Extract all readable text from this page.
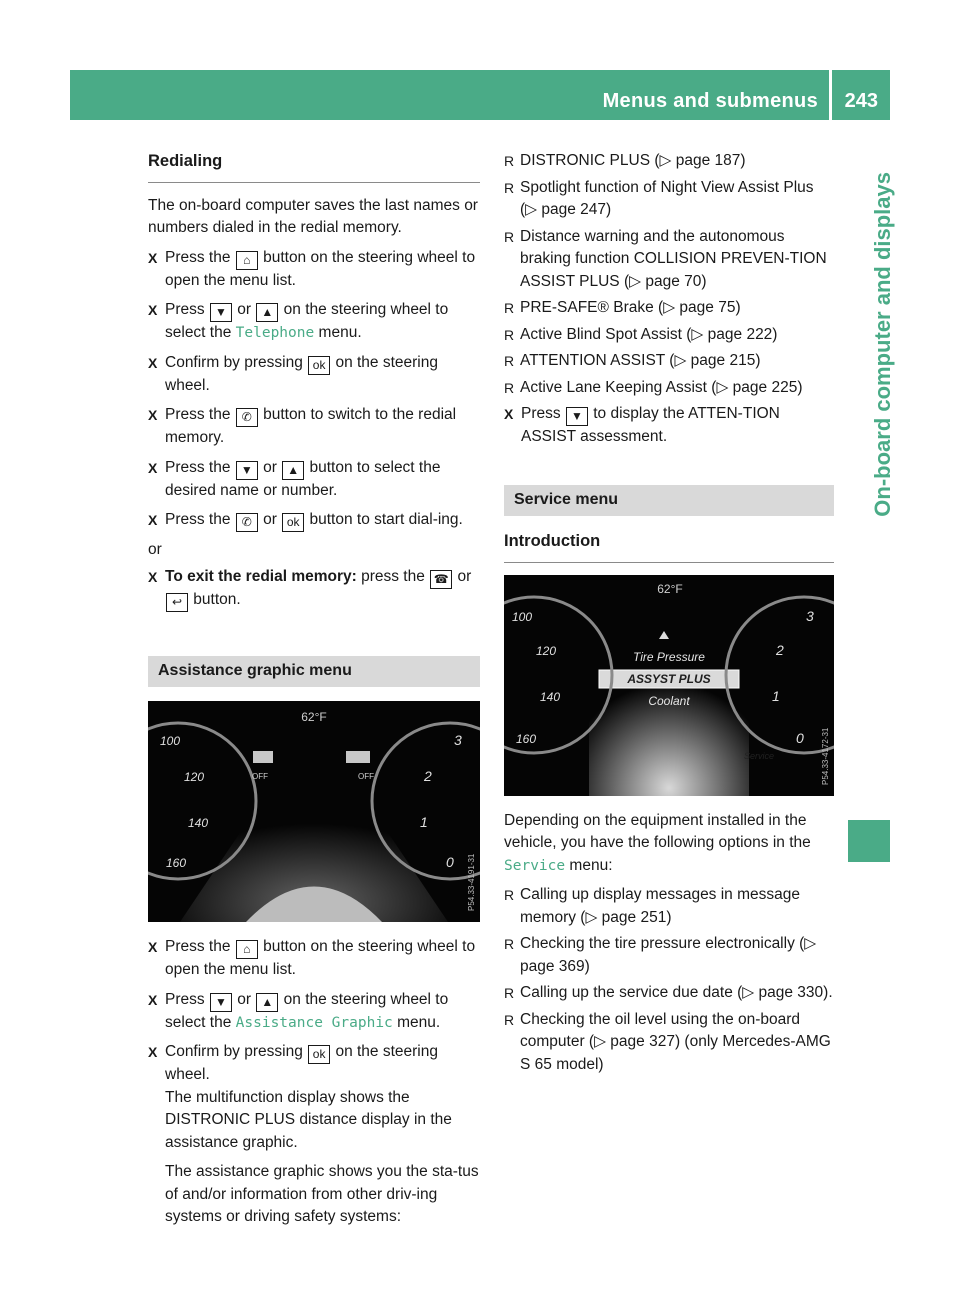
Menus and submenus 243
On-board computer and displays
Redialing

The on-board computer saves the last names or numbers dialed in the redial memory.

X Press the ⌂ button on the steering wheel to open the menu list.
X Press ▼ or ▲ on the steering wheel to select the Telephone menu.
X Confirm by pressing ok on the steering wheel.
X Press the ✆ button to switch to the redial memory.
X Press the ▼ or ▲ button to select the desired name or number.
X Press the ✆ or ok button to start dial-ing.

or

X To exit the redial memory: press the ☎ or ↩ button.
Assistance graphic menu
62°F
OFF	OFF
100
120
140
160
3
2
1
0 P54.33-4191-31
X Press the ⌂ button on the steering wheel to open the menu list.
X Press ▼ or ▲ on the steering wheel to select the Assistance Graphic menu.
X Confirm by pressing ok on the steering wheel.
The multifunction display shows the DISTRONIC PLUS distance display in the assistance graphic.

The assistance graphic shows you the sta-tus of and/or information from other driv-ing systems or driving safety systems:

R DISTRONIC PLUS (▷ page 187)
R Spotlight function of Night View Assist Plus (▷ page 247)
R Distance warning and the autonomous braking function COLLISION PREVEN-TION ASSIST PLUS (▷ page 70)
R PRE-SAFE® Brake (▷ page 75)
R Active Blind Spot Assist (▷ page 222)
R ATTENTION ASSIST (▷ page 215)
R Active Lane Keeping Assist (▷ page 225)
X Press ▼ to display the ATTEN-TION ASSIST assessment.
Service menu
Introduction
62°F
Tire Pressure
ASSYST PLUS
Coolant
Service
100
120
140
160
3
2
1
0 P54.33-4172-31

Depending on the equipment installed in the vehicle, you have the following options in the Service menu:

R Calling up display messages in message memory (▷ page 251)
R Checking the tire pressure electronically (▷ page 369)
R Calling up the service due date (▷ page 330).
R Checking the oil level using the on-board computer (▷ page 327) (only Mercedes-AMG S 65 model)
